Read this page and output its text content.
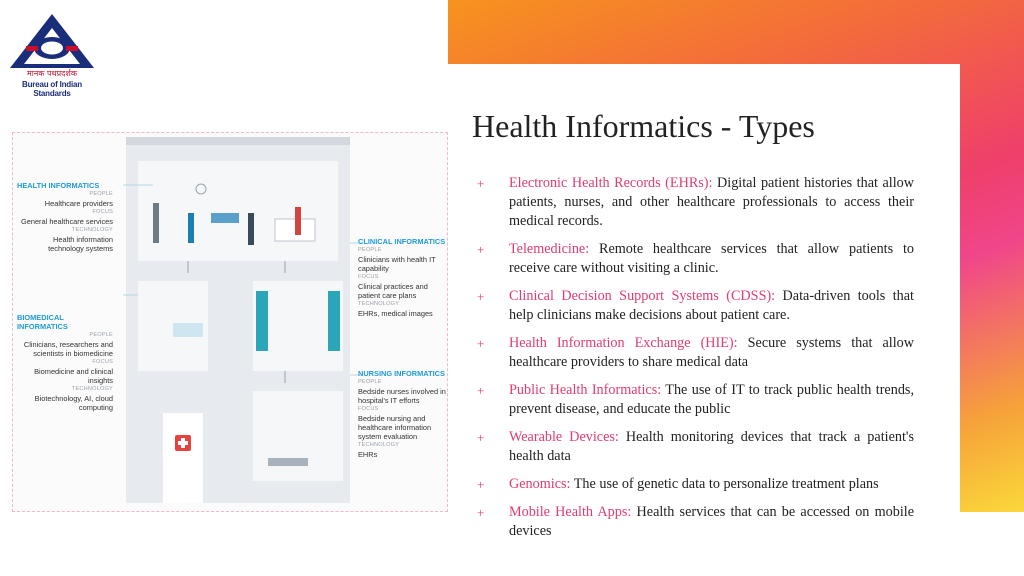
मानक पथप्रदर्शक
Bureau of Indian Standards
HEALTH INFORMATICS
PEOPLE
Healthcare providers
FOCUS
General healthcare services
TECHNOLOGY
Health information technology systems
BIOMEDICAL INFORMATICS
PEOPLE
Clinicians, researchers and scientists in biomedicine
FOCUS
Biomedicine and clinical insights
TECHNOLOGY
Biotechnology, AI, cloud computing
CLINICAL INFORMATICS
PEOPLE
Clinicians with health IT capability
FOCUS
Clinical practices and patient care plans
TECHNOLOGY
EHRs, medical images
NURSING INFORMATICS
PEOPLE
Bedside nurses involved in hospital's IT efforts
FOCUS
Bedside nursing and healthcare information system evaluation
TECHNOLOGY
EHRs
Health Informatics - Types
+ Electronic Health Records (EHRs): Digital patient histories that allow patients, nurses, and other healthcare professionals to access their medical records.
+ Telemedicine: Remote healthcare services that allow patients to receive care without visiting a clinic.
+ Clinical Decision Support Systems (CDSS): Data-driven tools that help clinicians make decisions about patient care.
+ Health Information Exchange (HIE): Secure systems that allow healthcare providers to share medical data
+ Public Health Informatics: The use of IT to track public health trends, prevent disease, and educate the public
+ Wearable Devices: Health monitoring devices that track a patient's health data
+ Genomics: The use of genetic data to personalize treatment plans
+ Mobile Health Apps: Health services that can be accessed on mobile devices
